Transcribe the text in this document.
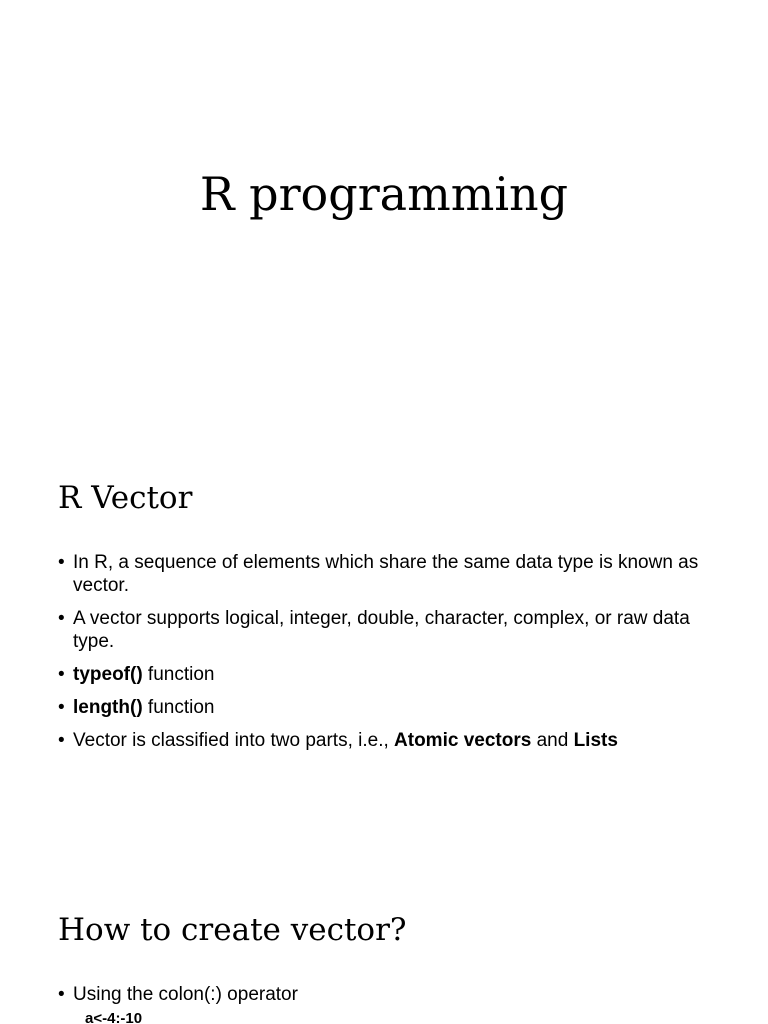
R programming
R Vector
• In R, a sequence of elements which share the same data type is known as vector.
• A vector supports logical, integer, double, character, complex, or raw data type.
• typeof() function
• length() function
• Vector is classified into two parts, i.e., Atomic vectors and Lists
How to create vector?
• Using the colon(:) operator
a<-4:-10
